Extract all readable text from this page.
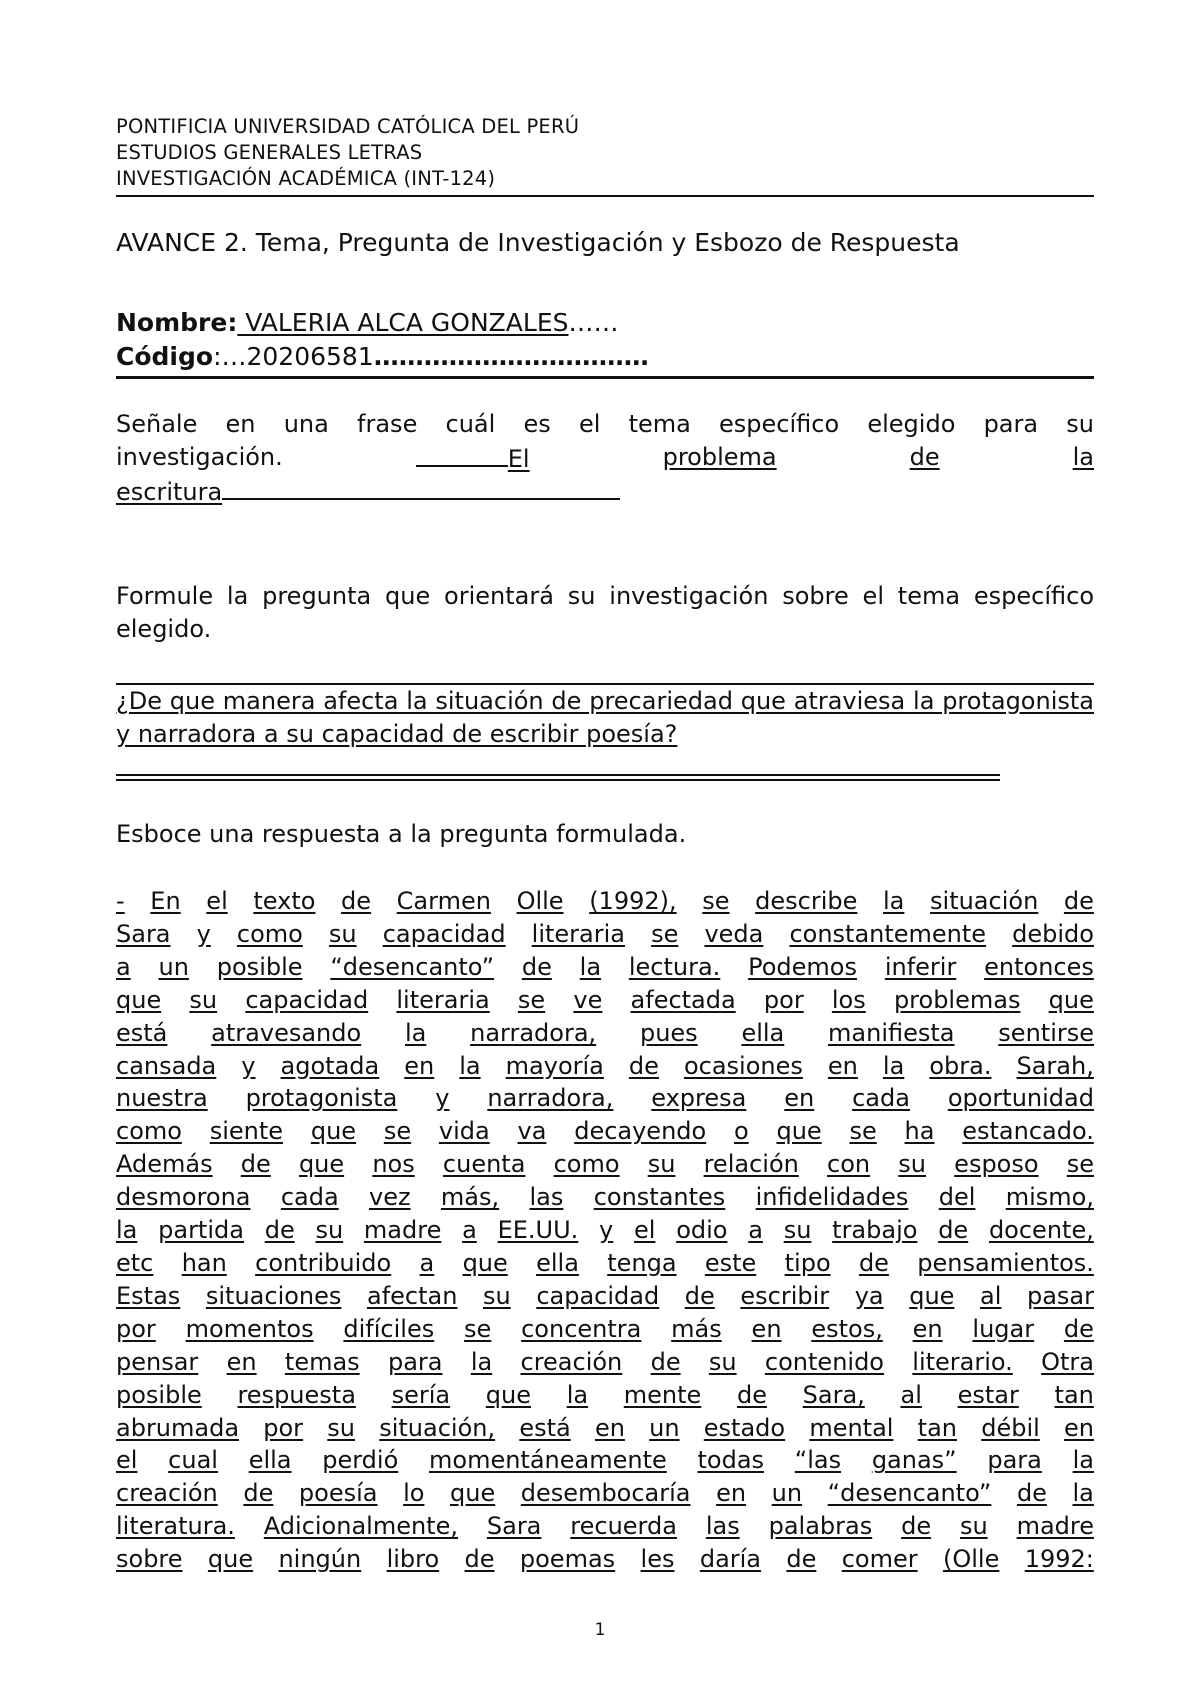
PONTIFICIA UNIVERSIDAD CATÓLICA DEL PERÚ
ESTUDIOS GENERALES LETRAS
INVESTIGACIÓN ACADÉMICA (INT-124)
AVANCE 2. Tema, Pregunta de Investigación y Esbozo de Respuesta
Nombre: VALERIA ALCA GONZALES……
Código:…20206581……………………………
Señale en una frase cuál es el tema específico elegido para su
investigación.	El	problema	de	la
escritura
Formule la pregunta que orientará su investigación sobre el tema específico elegido.
¿De que manera afecta la situación de precariedad que atraviesa la protagonista y narradora a su capacidad de escribir poesía?
Esboce una respuesta a la pregunta formulada.
- En el texto de Carmen Olle (1992), se describe la situación de
Sara y como su capacidad literaria se veda constantemente debido
a un posible “desencanto” de la lectura. Podemos inferir entonces
que su capacidad literaria se ve afectada por los problemas que
está atravesando la narradora, pues ella manifiesta sentirse
cansada y agotada en la mayoría de ocasiones en la obra. Sarah,
nuestra protagonista y narradora, expresa en cada oportunidad
como siente que se vida va decayendo o que se ha estancado.
Además de que nos cuenta como su relación con su esposo se
desmorona cada vez más, las constantes infidelidades del mismo,
la partida de su madre a EE.UU. y el odio a su trabajo de docente,
etc han contribuido a que ella tenga este tipo de pensamientos.
Estas situaciones afectan su capacidad de escribir ya que al pasar
por momentos difíciles se concentra más en estos, en lugar de
pensar en temas para la creación de su contenido literario. Otra
posible respuesta sería que la mente de Sara, al estar tan
abrumada por su situación, está en un estado mental tan débil en
el cual ella perdió momentáneamente todas “las ganas” para la
creación de poesía lo que desembocaría en un “desencanto” de la
literatura. Adicionalmente, Sara recuerda las palabras de su madre
sobre que ningún libro de poemas les daría de comer (Olle 1992:
1
